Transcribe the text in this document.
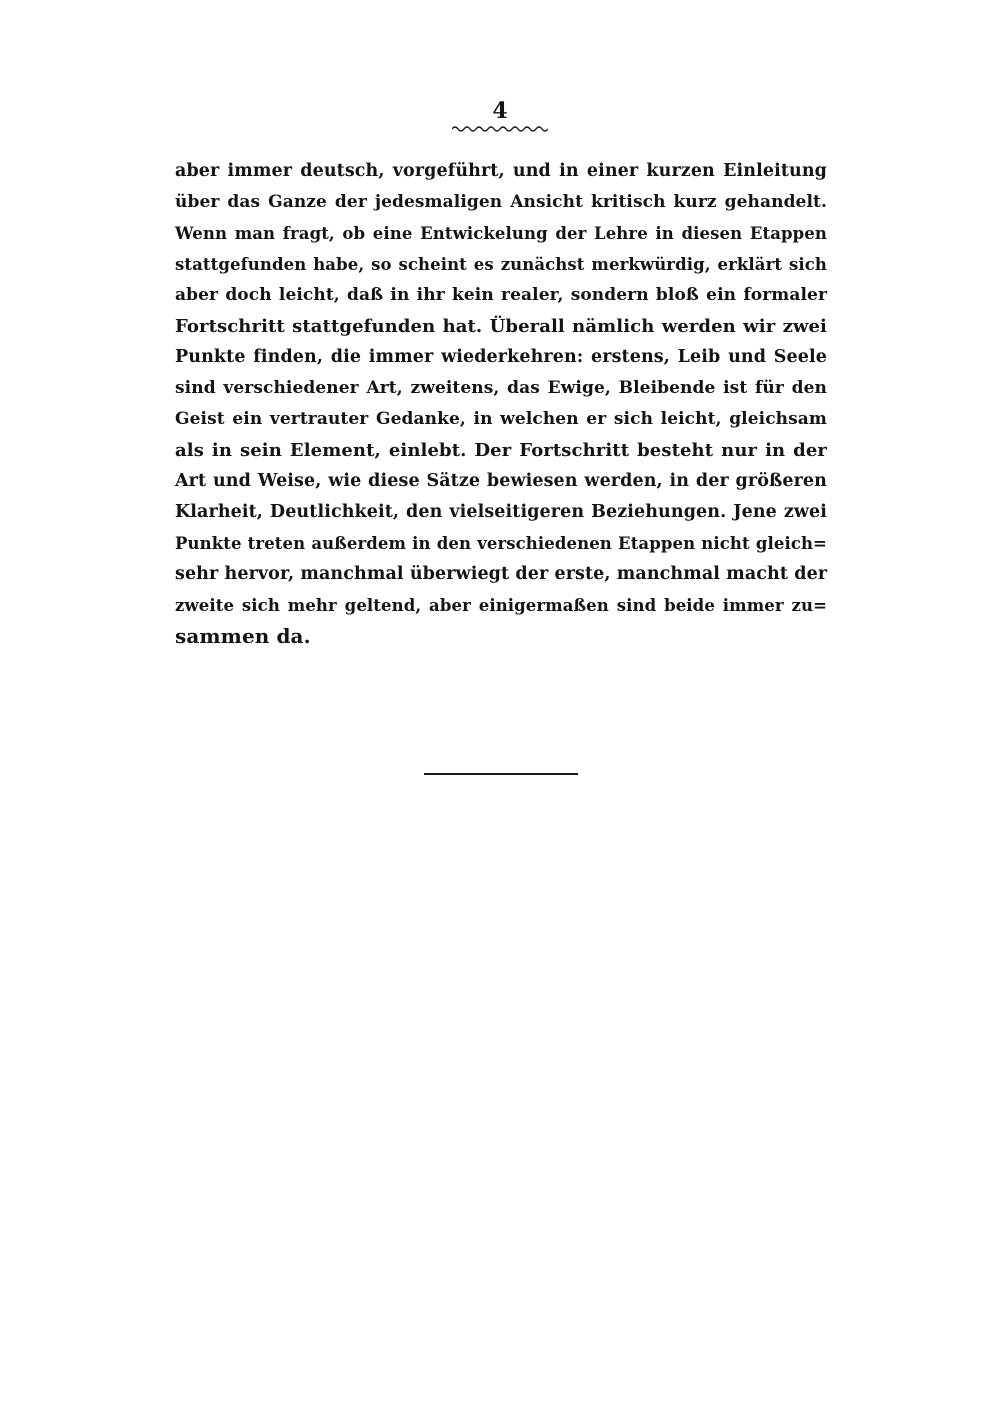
4
aber immer deutsch, vorgeführt, und in einer kurzen Einleitung
über das Ganze der jedesmaligen Ansicht kritisch kurz gehandelt.
Wenn man fragt, ob eine Entwickelung der Lehre in diesen Etappen
stattgefunden habe, so scheint es zunächst merkwürdig, erklärt sich
aber doch leicht, daß in ihr kein realer, sondern bloß ein formaler
Fortschritt stattgefunden hat. Überall nämlich werden wir zwei
Punkte finden, die immer wiederkehren: erstens, Leib und Seele
sind verschiedener Art, zweitens, das Ewige, Bleibende ist für den
Geist ein vertrauter Gedanke, in welchen er sich leicht, gleichsam
als in sein Element, einlebt. Der Fortschritt besteht nur in der
Art und Weise, wie diese Sätze bewiesen werden, in der größeren
Klarheit, Deutlichkeit, den vielseitigeren Beziehungen. Jene zwei
Punkte treten außerdem in den verschiedenen Etappen nicht gleich=
sehr hervor, manchmal überwiegt der erste, manchmal macht der
zweite sich mehr geltend, aber einigermaßen sind beide immer zu=
sammen da.
